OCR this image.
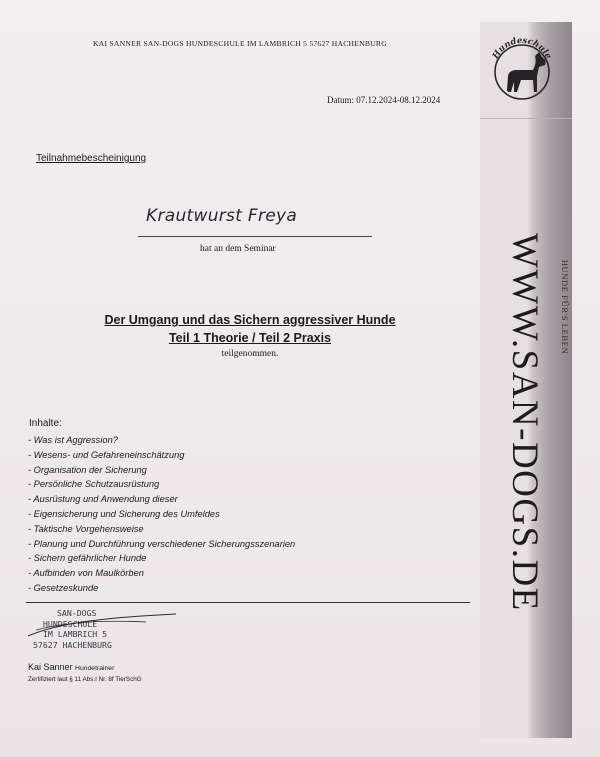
KAI SANNER SAN-DOGS HUNDESCHULE IM LAMBRICH 5 57627 HACHENBURG
Datum: 07.12.2024-08.12.2024
Teilnahmebescheinigung
Krautwurst Freya
hat an dem Seminar
Der Umgang und das Sichern aggressiver Hunde
Teil 1 Theorie / Teil 2 Praxis
teilgenommen.
Inhalte:
- Was ist Aggression?
- Wesens- und Gefahreneinschätzung
- Organisation der Sicherung
- Persönliche Schutzausrüstung
- Ausrüstung und Anwendung dieser
- Eigensicherung und Sicherung des Umfeldes
- Taktische Vorgehensweise
- Planung und Durchführung verschiedener Sicherungsszenarien
- Sichern gefährlicher Hunde
- Aufbinden von Maulkörben
- Gesetzeskunde
SAN-DOGS
HUNDESCHULE
IM LAMBRICH 5
57627 HACHENBURG
Kai Sanner Hundetrainer
Zertifiziert laut § 11 Abs.I Nr. 8f TierSchG
Hundeschule
WWW.SAN-DOGS.DE	HUNDE FÜR'S LEBEN
